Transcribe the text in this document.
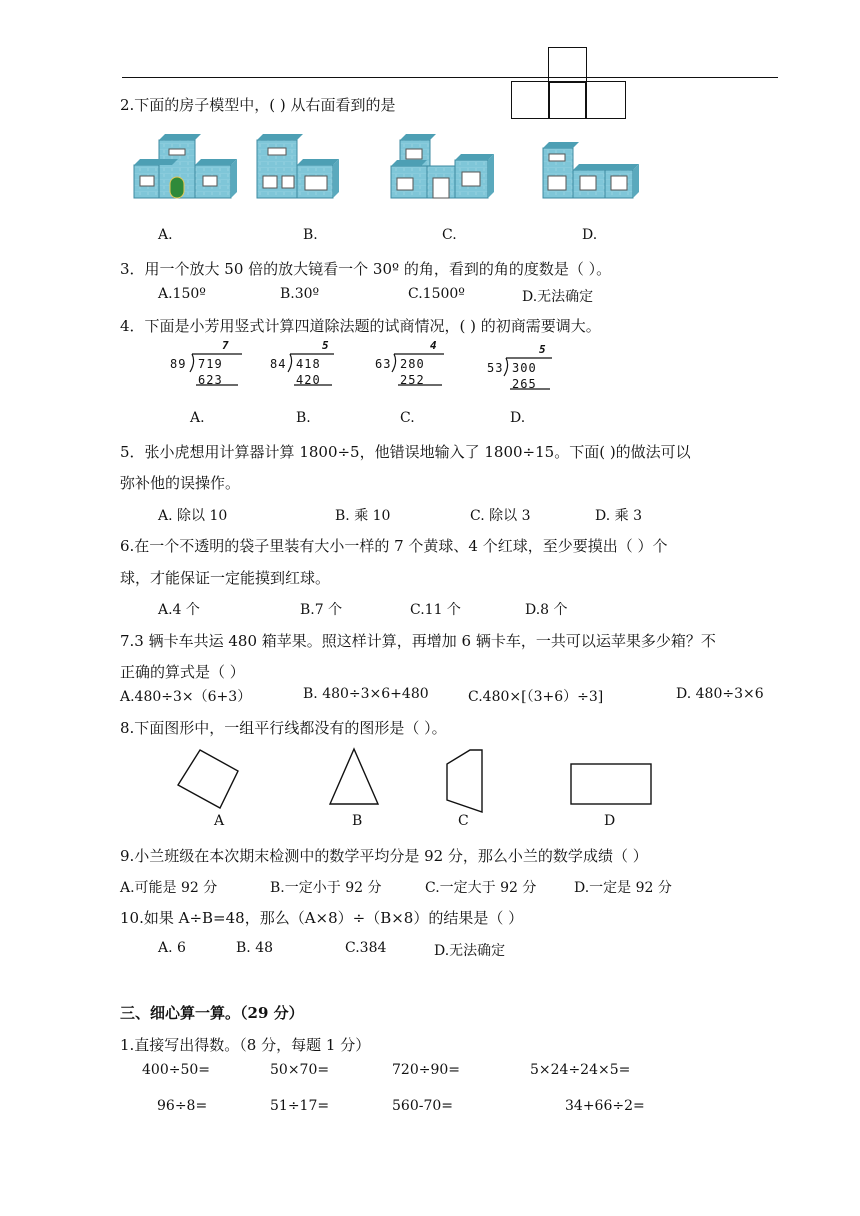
2.下面的房子模型中，( ) 从右面看到的是
A.	B.	C.	D.
3．用一个放大 50 倍的放大镜看一个 30º 的角，看到的角的度数是（ ）。
A.150º	B.30º	C.1500º	D.无法确定
4．下面是小芳用竖式计算四道除法题的试商情况，( ) 的初商需要调大。
7
89 719
623
5
84 418
420
4
63 280
252
5
53 300
265
A.	B.	C.	D.
5．张小虎想用计算器计算 1800÷5，他错误地输入了 1800÷15。下面( )的做法可以
弥补他的误操作。
A. 除以 10	B. 乘 10	C. 除以 3	D. 乘 3
6.在一个不透明的袋子里装有大小一样的 7 个黄球、4 个红球，至少要摸出（ ）个
球，才能保证一定能摸到红球。
A.4 个	B.7 个	C.11 个	D.8 个
7.3 辆卡车共运 480 箱苹果。照这样计算，再增加 6 辆卡车，一共可以运苹果多少箱？不
正确的算式是（ ）
A.480÷3×（6+3）	B. 480÷3×6+480	C.480×[（3+6）÷3]	D. 480÷3×6
8.下面图形中，一组平行线都没有的图形是（ ）。
A	B	C	D
9.小兰班级在本次期末检测中的数学平均分是 92 分，那么小兰的数学成绩（ ）
A.可能是 92 分	B.一定小于 92 分	C.一定大于 92 分	D.一定是 92 分
10.如果 A÷B=48，那么（A×8）÷（B×8）的结果是（ ）
A. 6	B. 48	C.384	D.无法确定
三、细心算一算。（29 分）
1.直接写出得数。（8 分，每题 1 分）
400÷50=	50×70=	720÷90=	5×24÷24×5=
96÷8=	51÷17=	560-70=	34+66÷2=
